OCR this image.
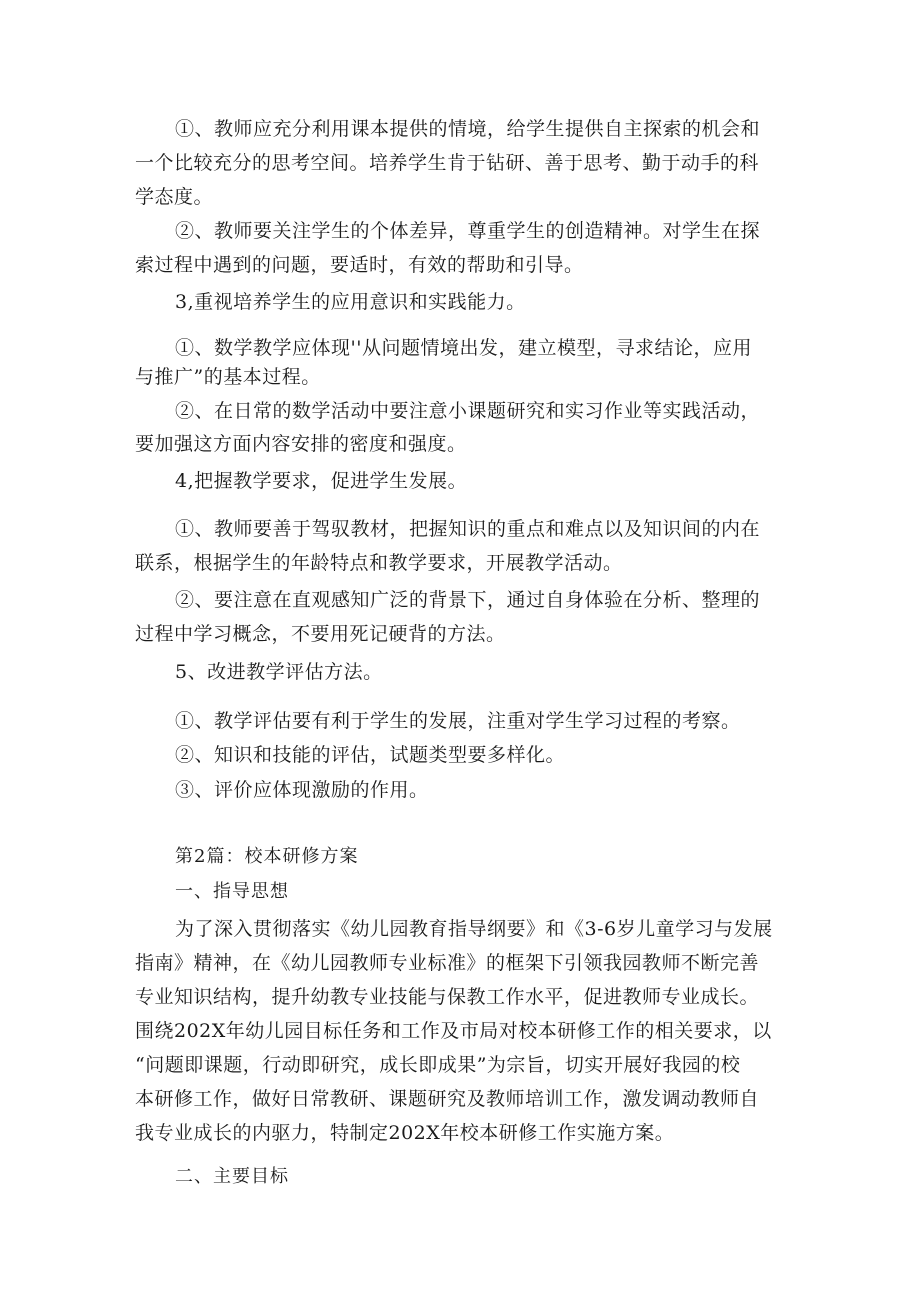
①、教师应充分利用课本提供的情境，给学生提供自主探索的机会和
一个比较充分的思考空间。培养学生肯于钻研、善于思考、勤于动手的科
学态度。
②、教师要关注学生的个体差异，尊重学生的创造精神。对学生在探
索过程中遇到的问题，要适时，有效的帮助和引导。
3,重视培养学生的应用意识和实践能力。
①、数学教学应体现''从问题情境出发，建立模型，寻求结论，应用
与推广”的基本过程。
②、在日常的数学活动中要注意小课题研究和实习作业等实践活动，
要加强这方面内容安排的密度和强度。
4,把握教学要求，促进学生发展。
①、教师要善于驾驭教材，把握知识的重点和难点以及知识间的内在
联系，根据学生的年龄特点和教学要求，开展教学活动。
②、要注意在直观感知广泛的背景下，通过自身体验在分析、整理的
过程中学习概念，不要用死记硬背的方法。
5、改进教学评估方法。
①、教学评估要有利于学生的发展，注重对学生学习过程的考察。
②、知识和技能的评估，试题类型要多样化。
③、评价应体现激励的作用。
第2篇：校本研修方案
一、指导思想
为了深入贯彻落实《幼儿园教育指导纲要》和《3-6岁儿童学习与发展
指南》精神，在《幼儿园教师专业标准》的框架下引领我园教师不断完善
专业知识结构，提升幼教专业技能与保教工作水平，促进教师专业成长。
围绕202X年幼儿园目标任务和工作及市局对校本研修工作的相关要求，以
“问题即课题，行动即研究，成长即成果”为宗旨，切实开展好我园的校
本研修工作，做好日常教研、课题研究及教师培训工作，激发调动教师自
我专业成长的内驱力，特制定202X年校本研修工作实施方案。
二、主要目标
